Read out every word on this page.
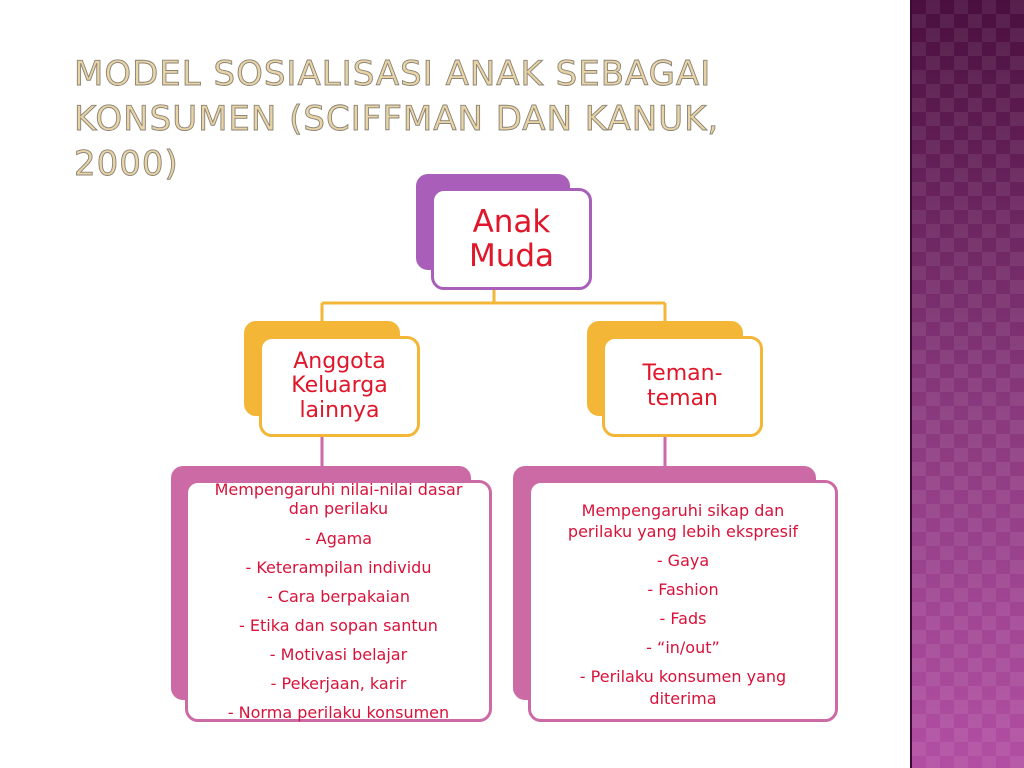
MODEL SOSIALISASI ANAK SEBAGAI KONSUMEN (SCIFFMAN DAN KANUK, 2000)
Anak
Muda
Anggota
Keluarga
lainnya
Teman-
teman
Mempengaruhi nilai-nilai dasar
dan perilaku
- Agama
- Keterampilan individu
- Cara berpakaian
- Etika dan sopan santun
- Motivasi belajar
- Pekerjaan, karir
- Norma perilaku konsumen
Mempengaruhi sikap dan
perilaku yang lebih ekspresif
- Gaya
- Fashion
- Fads
- “in/out”
- Perilaku konsumen yang
diterima
